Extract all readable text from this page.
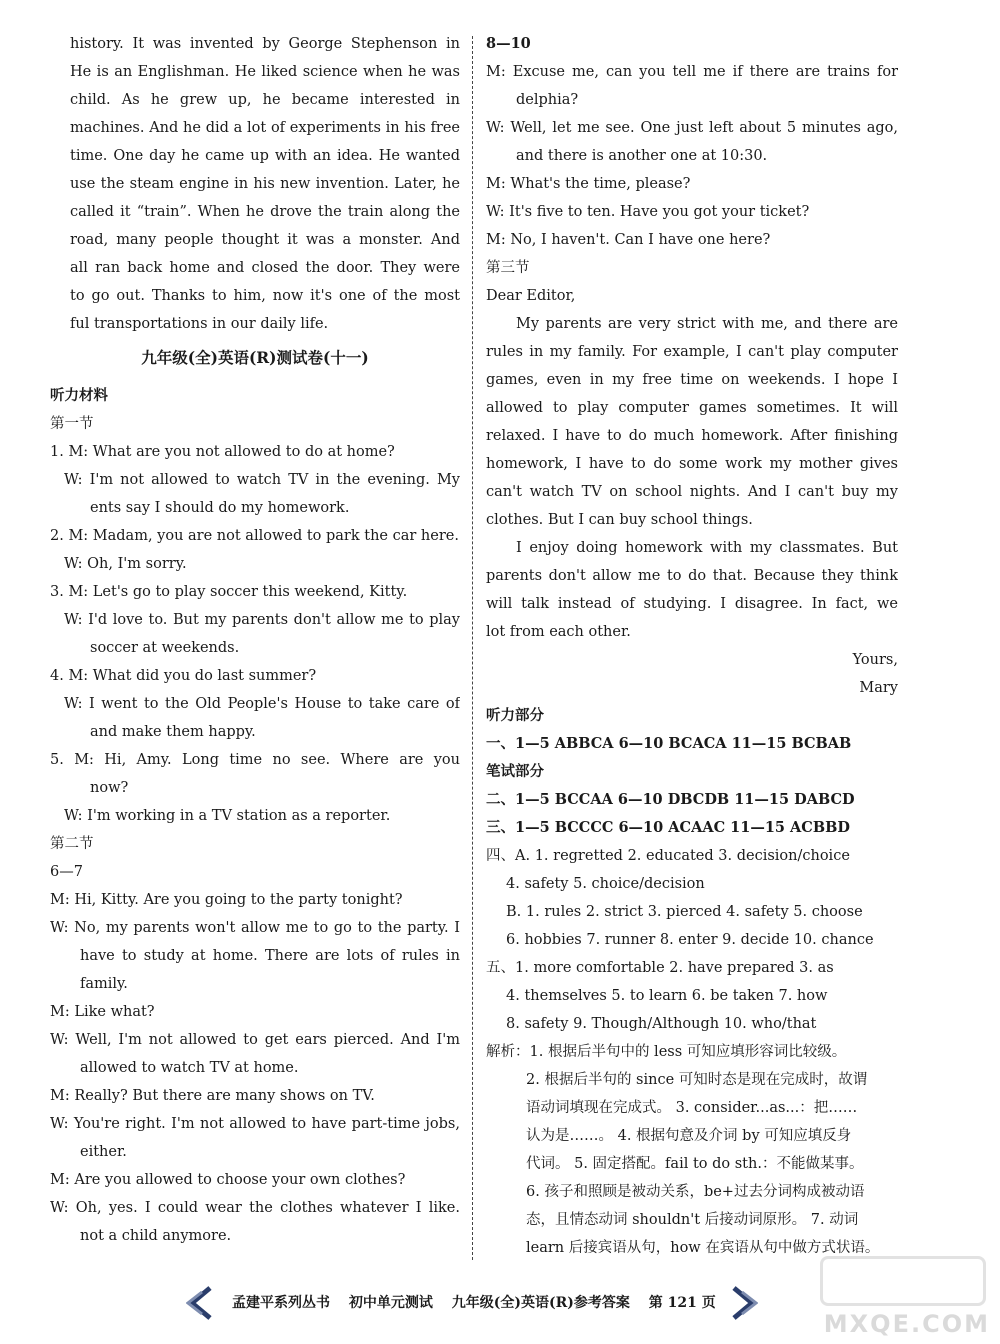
history. It was invented by George Stephenson in
He is an Englishman. He liked science when he was
child. As he grew up, he became interested in
machines. And he did a lot of experiments in his free
time. One day he came up with an idea. He wanted
use the steam engine in his new invention. Later, he
called it “train”. When he drove the train along the
road, many people thought it was a monster. And
all ran back home and closed the door. They were
to go out. Thanks to him, now it's one of the most
ful transportations in our daily life.
九年级(全)英语(R)测试卷(十一)
听力材料
第一节
1. M: What are you not allowed to do at home?
W: I'm not allowed to watch TV in the evening. My
ents say I should do my homework.
2. M: Madam, you are not allowed to park the car here.
W: Oh, I'm sorry.
3. M: Let's go to play soccer this weekend, Kitty.
W: I'd love to. But my parents don't allow me to play
soccer at weekends.
4. M: What did you do last summer?
W: I went to the Old People's House to take care of
and make them happy.
5. M: Hi, Amy. Long time no see. Where are you
now?
W: I'm working in a TV station as a reporter.
第二节
6—7
M: Hi, Kitty. Are you going to the party tonight?
W: No, my parents won't allow me to go to the party. I
have to study at home. There are lots of rules in
family.
M: Like what?
W: Well, I'm not allowed to get ears pierced. And I'm
allowed to watch TV at home.
M: Really? But there are many shows on TV.
W: You're right. I'm not allowed to have part-time jobs,
either.
M: Are you allowed to choose your own clothes?
W: Oh, yes. I could wear the clothes whatever I like.
not a child anymore.
8—10
M: Excuse me, can you tell me if there are trains for
delphia?
W: Well, let me see. One just left about 5 minutes ago,
and there is another one at 10:30.
M: What's the time, please?
W: It's five to ten. Have you got your ticket?
M: No, I haven't. Can I have one here?
第三节
Dear Editor,
My parents are very strict with me, and there are
rules in my family. For example, I can't play computer
games, even in my free time on weekends. I hope I
allowed to play computer games sometimes. It will
relaxed. I have to do much homework. After finishing
homework, I have to do some work my mother gives
can't watch TV on school nights. And I can't buy my
clothes. But I can buy school things.
I enjoy doing homework with my classmates. But
parents don't allow me to do that. Because they think
will talk instead of studying. I disagree. In fact, we
lot from each other.
Yours,
Mary
听力部分
一、1—5 ABBCA 6—10 BCACA 11—15 BCBAB
笔试部分
二、1—5 BCCAA 6—10 DBCDB 11—15 DABCD
三、1—5 BCCCC 6—10 ACAAC 11—15 ACBBD
四、A. 1. regretted 2. educated 3. decision/choice
4. safety 5. choice/decision
B. 1. rules 2. strict 3. pierced 4. safety 5. choose
6. hobbies 7. runner 8. enter 9. decide 10. chance
五、1. more comfortable 2. have prepared 3. as
4. themselves 5. to learn 6. be taken 7. how
8. safety 9. Though/Although 10. who/that
解析：1. 根据后半句中的 less 可知应填形容词比较级。
2. 根据后半句的 since 可知时态是现在完成时，故谓
语动词填现在完成式。 3. consider...as...：把……
认为是……。 4. 根据句意及介词 by 可知应填反身
代词。 5. 固定搭配。fail to do sth.：不能做某事。
6. 孩子和照顾是被动关系，be+过去分词构成被动语
态，且情态动词 shouldn't 后接动词原形。 7. 动词
learn 后接宾语从句，how 在宾语从句中做方式状语。
孟建平系列丛书 初中单元测试 九年级(全)英语(R)参考答案 第 121 页
MXQE.COM
